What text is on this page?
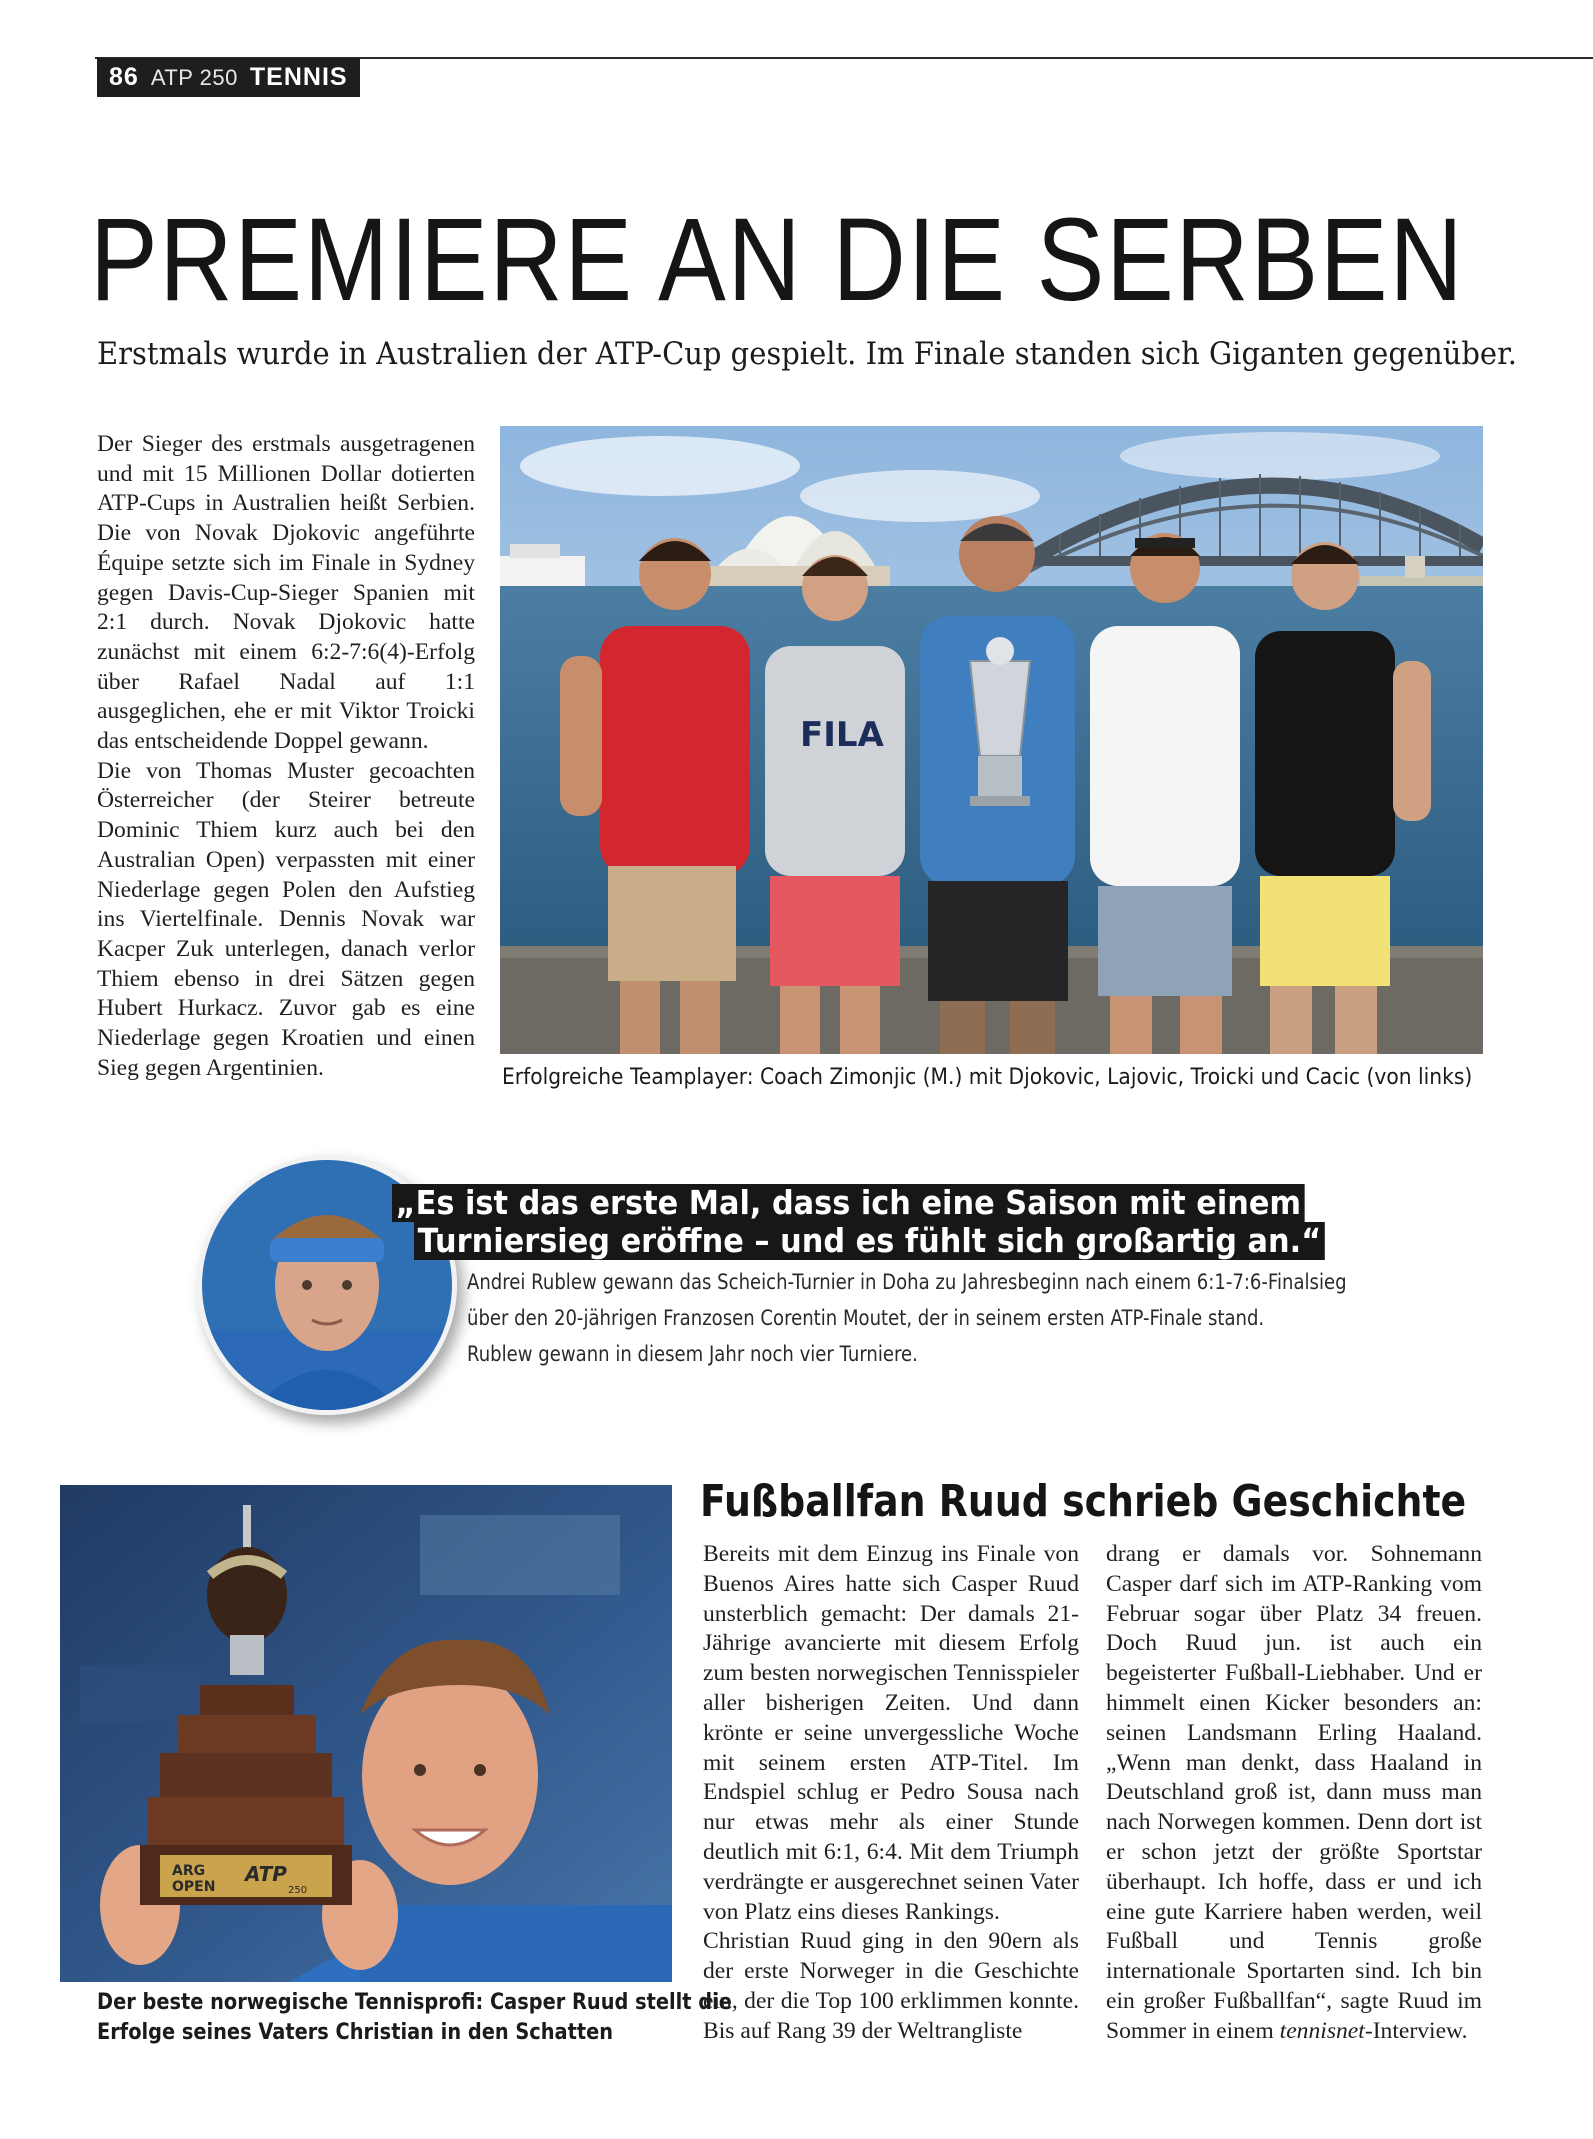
86 ATP 250 TENNIS
PREMIERE AN DIE SERBEN
Erstmals wurde in Australien der ATP-Cup gespielt. Im Finale standen sich Giganten gegenüber.

Der Sieger des erstmals ausgetragenen und mit 15 Millionen Dollar dotierten ATP-Cups in Australien heißt Serbien. Die von Novak Djokovic angeführte Équipe setzte sich im Finale in Sydney gegen Davis-Cup-Sieger Spanien mit 2:1 durch. Novak Djokovic hatte zunächst mit einem 6:2-7:6(4)-Erfolg über Rafael Nadal auf 1:1 ausgeglichen, ehe er mit Viktor Troicki das entscheidende Doppel gewann.

Die von Thomas Muster gecoachten Österreicher (der Steirer betreute Dominic Thiem kurz auch bei den Australian Open) verpassten mit einer Niederlage gegen Polen den Aufstieg ins Viertelfinale. Dennis Novak war Kacper Zuk unterlegen, danach verlor Thiem ebenso in drei Sätzen gegen Hubert Hurkacz. Zuvor gab es eine Niederlage gegen Kroatien und einen Sieg gegen Argentinien.

FILA
Erfolgreiche Teamplayer: Coach Zimonjic (M.) mit Djokovic, Lajovic, Troicki und Cacic (von links)
„Es ist das erste Mal, dass ich eine Saison mit einem
Turniersieg eröffne – und es fühlt sich großartig an.“
Andrei Rublew gewann das Scheich-Turnier in Doha zu Jahresbeginn nach einem 6:1-7:6-Finalsieg
über den 20-jährigen Franzosen Corentin Moutet, der in seinem ersten ATP-Finale stand.
Rublew gewann in diesem Jahr noch vier Turniere.
ARG
OPEN
ATP
250
Der beste norwegische Tennisprofi: Casper Ruud stellt die
Erfolge seines Vaters Christian in den Schatten
Fußballfan Ruud schrieb Geschichte

Bereits mit dem Einzug ins Finale von Buenos Aires hatte sich Casper Ruud unsterblich gemacht: Der damals 21-Jährige avancierte mit diesem Erfolg zum besten norwegischen Tennisspieler aller bisherigen Zeiten. Und dann krönte er seine unvergessliche Woche mit seinem ersten ATP-Titel. Im Endspiel schlug er Pedro Sousa nach nur etwas mehr als einer Stunde deutlich mit 6:1, 6:4. Mit dem Triumph verdrängte er ausgerechnet seinen Vater von Platz eins dieses Rankings.

Christian Ruud ging in den 90ern als der erste Norweger in die Geschichte ein, der die Top 100 erklimmen konnte. Bis auf Rang 39 der Weltrangliste

drang er damals vor. Sohnemann Casper darf sich im ATP-Ranking vom Februar sogar über Platz 34 freuen. Doch Ruud jun. ist auch ein begeisterter Fußball-Liebhaber. Und er himmelt einen Kicker besonders an: seinen Landsmann Erling Haaland. „Wenn man denkt, dass Haaland in Deutschland groß ist, dann muss man nach Norwegen kommen. Denn dort ist er schon jetzt der größte Sportstar überhaupt. Ich hoffe, dass er und ich eine gute Karriere haben werden, weil Fußball und Tennis große internationale Sportarten sind. Ich bin ein großer Fußballfan“, sagte Ruud im Sommer in einem tennisnet-Interview.
